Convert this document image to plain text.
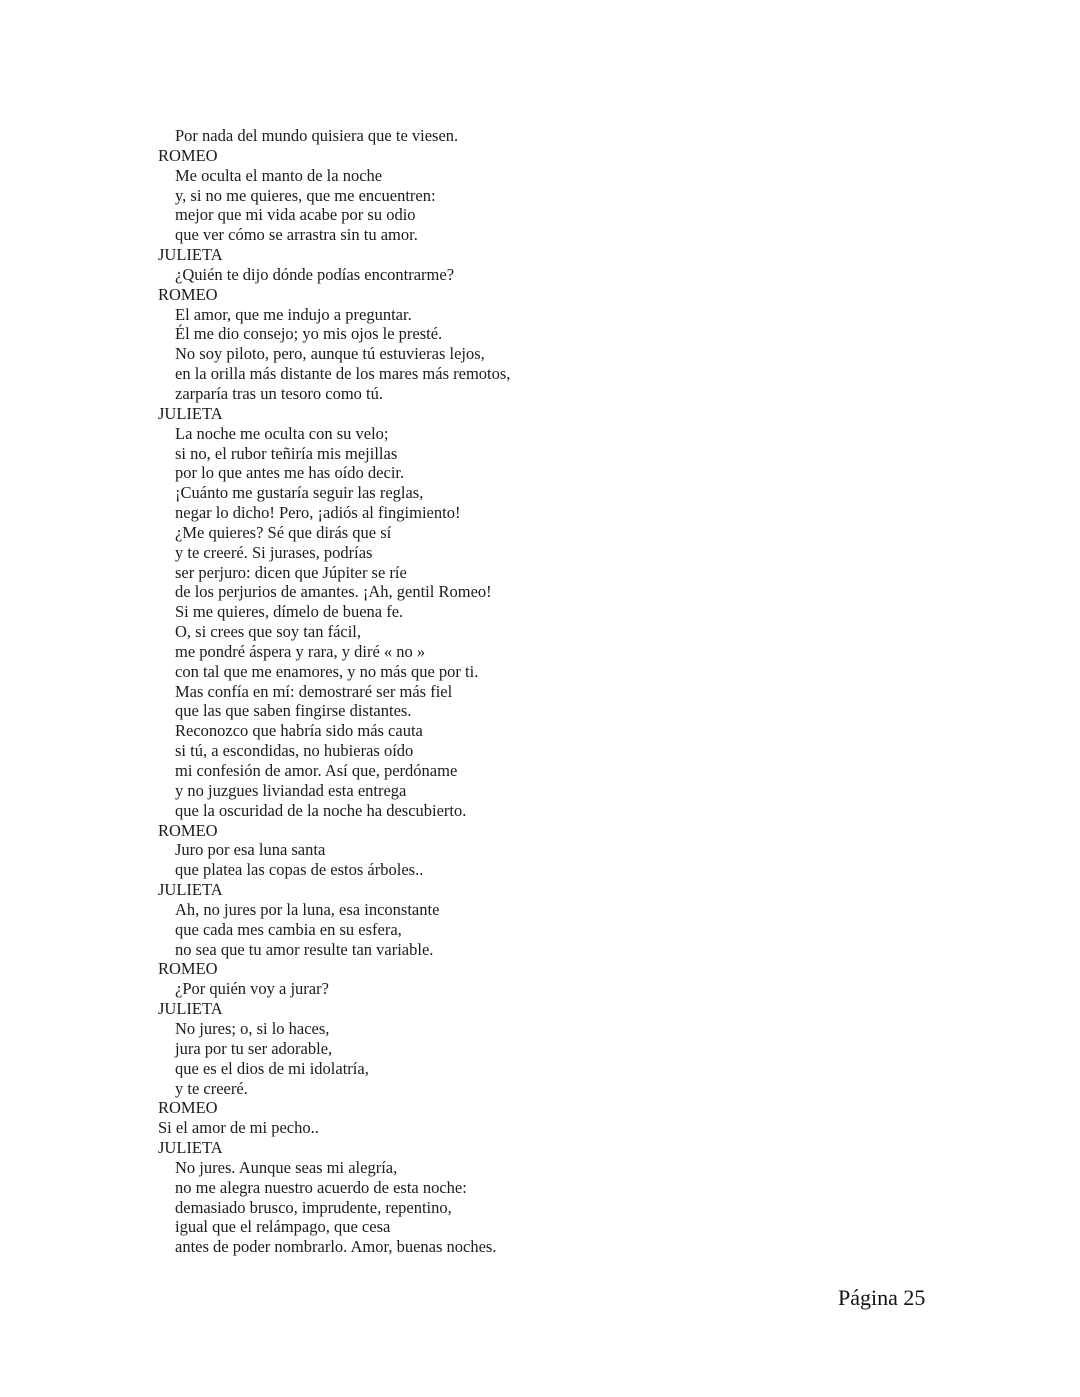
Por nada del mundo quisiera que te viesen.
ROMEO
Me oculta el manto de la noche
y, si no me quieres, que me encuentren:
mejor que mi vida acabe por su odio
que ver cómo se arrastra sin tu amor.
JULIETA
¿Quién te dijo dónde podías encontrarme?
ROMEO
El amor, que me indujo a preguntar.
Él me dio consejo; yo mis ojos le presté.
No soy piloto, pero, aunque tú estuvieras lejos,
en la orilla más distante de los mares más remotos,
zarparía tras un tesoro como tú.
JULIETA
La noche me oculta con su velo;
si no, el rubor teñiría mis mejillas
por lo que antes me has oído decir.
¡Cuánto me gustaría seguir las reglas,
negar lo dicho! Pero, ¡adiós al fingimiento!
¿Me quieres? Sé que dirás que sí
y te creeré. Si jurases, podrías
ser perjuro: dicen que Júpiter se ríe
de los perjurios de amantes. ¡Ah, gentil Romeo!
Si me quieres, dímelo de buena fe.
O, si crees que soy tan fácil,
me pondré áspera y rara, y diré « no »
con tal que me enamores, y no más que por ti.
Mas confía en mí: demostraré ser más fiel
que las que saben fingirse distantes.
Reconozco que habría sido más cauta
si tú, a escondidas, no hubieras oído
mi confesión de amor. Así que, perdóname
y no juzgues liviandad esta entrega
que la oscuridad de la noche ha descubierto.
ROMEO
Juro por esa luna santa
que platea las copas de estos árboles..
JULIETA
Ah, no jures por la luna, esa inconstante
que cada mes cambia en su esfera,
no sea que tu amor resulte tan variable.
ROMEO
¿Por quién voy a jurar?
JULIETA
No jures; o, si lo haces,
jura por tu ser adorable,
que es el dios de mi idolatría,
y te creeré.
ROMEO
Si el amor de mi pecho..
JULIETA
No jures. Aunque seas mi alegría,
no me alegra nuestro acuerdo de esta noche:
demasiado brusco, imprudente, repentino,
igual que el relámpago, que cesa
antes de poder nombrarlo. Amor, buenas noches.
Página 25
